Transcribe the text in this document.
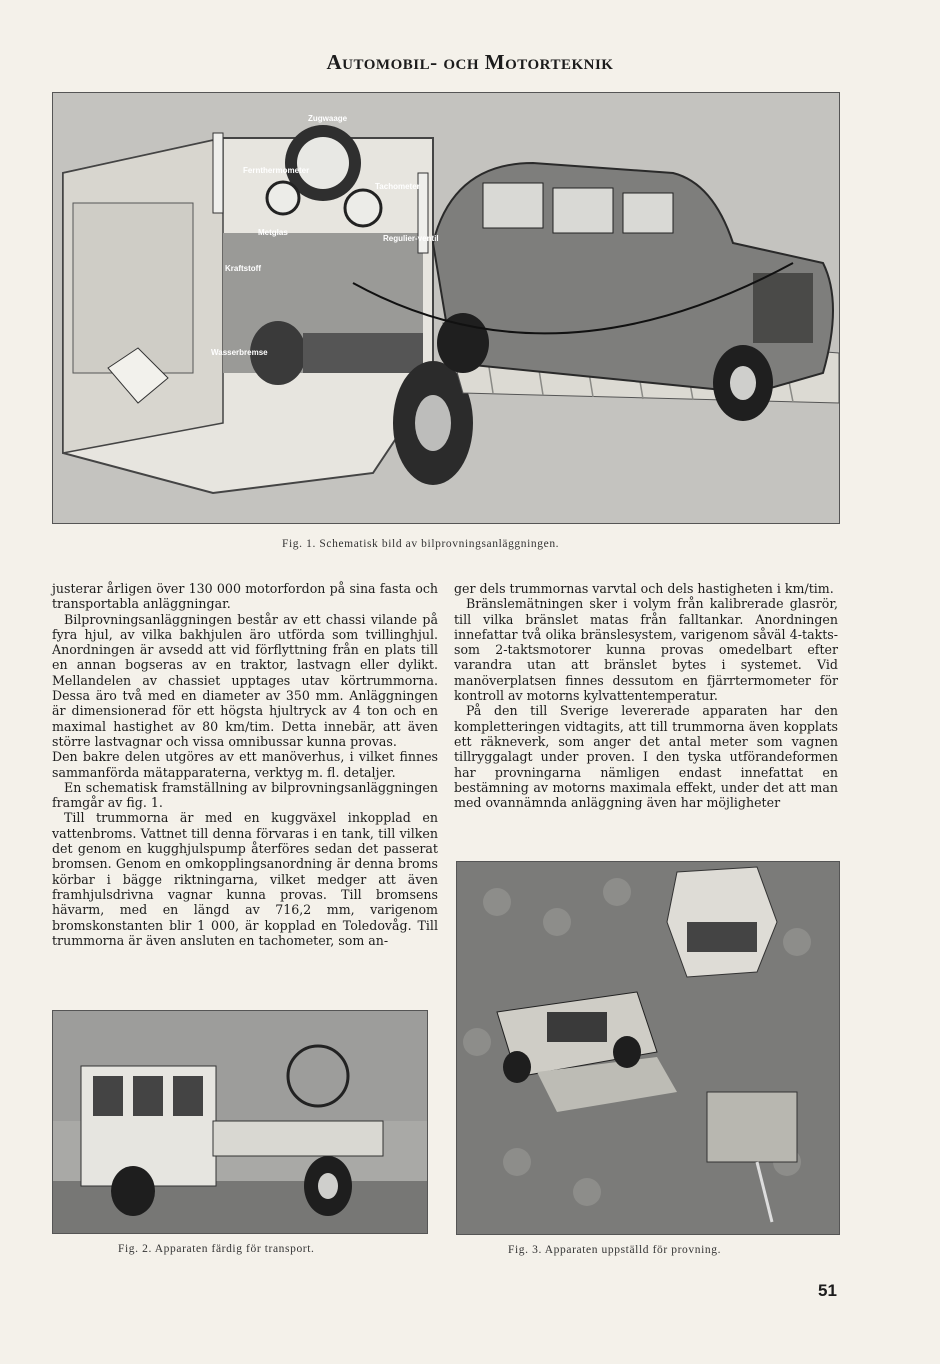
Automobil- och Motorteknik
Zugwaage
Fernthermometer
Tachometer
Metglas
Regulier-ventil
Kraftstoff
Wasserbremse
Fig. 1. Schematisk bild av bilprovningsanläggningen.

justerar årligen över 130 000 motorfordon på sina fasta och transportabla anläggningar.

Bilprovningsanläggningen består av ett chassi vilande på fyra hjul, av vilka bakhjulen äro utförda som tvillinghjul. Anordningen är avsedd att vid förflyttning från en plats till en annan bogseras av en traktor, lastvagn eller dylikt. Mellandelen av chassiet upptages utav körtrummorna. Dessa äro två med en diameter av 350 mm. Anläggningen är dimensionerad för ett högsta hjultryck av 4 ton och en maximal hastighet av 80 km/tim. Detta innebär, att även större lastvagnar och vissa omnibussar kunna provas.

Den bakre delen utgöres av ett manöverhus, i vilket finnes sammanförda mätapparaterna, verktyg m. fl. detaljer.

En schematisk framställning av bilprovningsanläggningen framgår av fig. 1.

Till trummorna är med en kuggväxel inkopplad en vattenbroms. Vattnet till denna förvaras i en tank, till vilken det genom en kugghjulspump återföres sedan det passerat bromsen. Genom en omkopplingsanordning är denna broms körbar i bägge riktningarna, vilket medger att även framhjulsdrivna vagnar kunna provas. Till bromsens hävarm, med en längd av 716,2 mm, varigenom bromskonstanten blir 1 000, är kopplad en Toledovåg. Till trummorna är även ansluten en tachometer, som an-

ger dels trummornas varvtal och dels hastigheten i km/tim.

Bränslemätningen sker i volym från kalibrerade glasrör, till vilka bränslet matas från falltankar. Anordningen innefattar två olika bränslesystem, varigenom såväl 4-takts- som 2-taktsmotorer kunna provas omedelbart efter varandra utan att bränslet bytes i systemet. Vid manöverplatsen finnes dessutom en fjärrtermometer för kontroll av motorns kylvattentemperatur.

På den till Sverige levererade apparaten har den kompletteringen vidtagits, att till trummorna även kopplats ett räkneverk, som anger det antal meter som vagnen tillryggalagt under proven. I den tyska utförandeformen har provningarna nämligen endast innefattat en bestämning av motorns maximala effekt, under det att man med ovannämnda anläggning även har möjligheter

Fig. 2. Apparaten färdig för transport.	Fig. 3. Apparaten uppställd för provning.
51
